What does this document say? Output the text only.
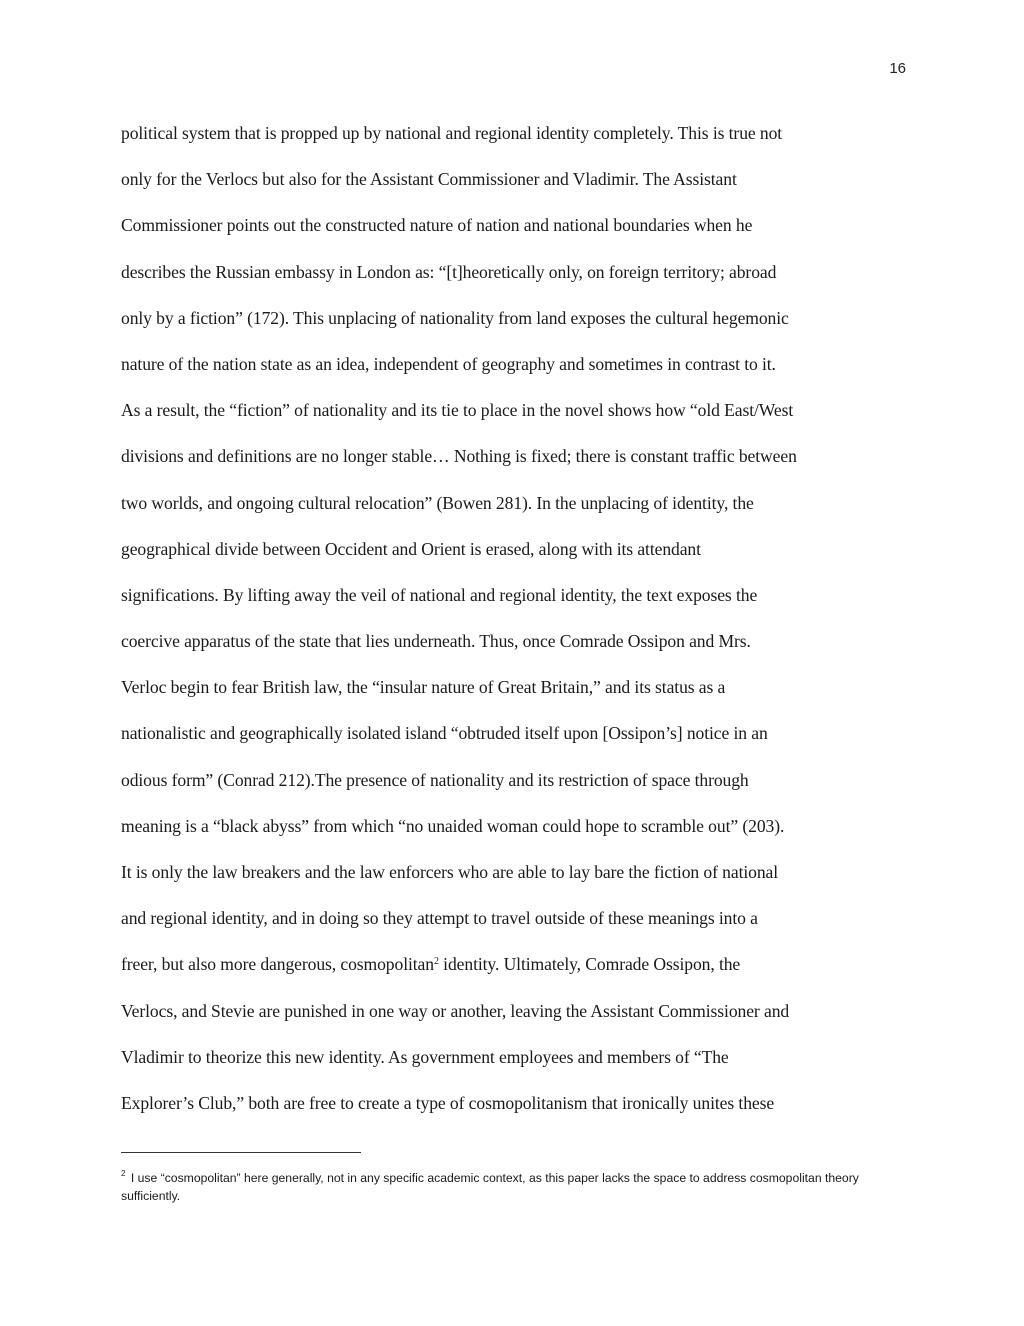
16
political system that is propped up by national and regional identity completely. This is true not
only for the Verlocs but also for the Assistant Commissioner and Vladimir. The Assistant
Commissioner points out the constructed nature of nation and national boundaries when he
describes the Russian embassy in London as: “[t]heoretically only, on foreign territory; abroad
only by a fiction” (172). This unplacing of nationality from land exposes the cultural hegemonic
nature of the nation state as an idea, independent of geography and sometimes in contrast to it.
As a result, the “fiction” of nationality and its tie to place in the novel shows how “old East/West
divisions and definitions are no longer stable… Nothing is fixed; there is constant traffic between
two worlds, and ongoing cultural relocation” (Bowen 281). In the unplacing of identity, the
geographical divide between Occident and Orient is erased, along with its attendant
significations. By lifting away the veil of national and regional identity, the text exposes the
coercive apparatus of the state that lies underneath. Thus, once Comrade Ossipon and Mrs.
Verloc begin to fear British law, the “insular nature of Great Britain,” and its status as a
nationalistic and geographically isolated island “obtruded itself upon [Ossipon’s] notice in an
odious form” (Conrad 212).The presence of nationality and its restriction of space through
meaning is a “black abyss” from which “no unaided woman could hope to scramble out” (203).
It is only the law breakers and the law enforcers who are able to lay bare the fiction of national
and regional identity, and in doing so they attempt to travel outside of these meanings into a
freer, but also more dangerous, cosmopolitan$^2$ identity. Ultimately, Comrade Ossipon, the
Verlocs, and Stevie are punished in one way or another, leaving the Assistant Commissioner and
Vladimir to theorize this new identity. As government employees and members of “The
Explorer’s Club,” both are free to create a type of cosmopolitanism that ironically unites these

$^2$ I use “cosmopolitan” here generally, not in any specific academic context, as this paper lacks the space to address cosmopolitan theory sufficiently.
